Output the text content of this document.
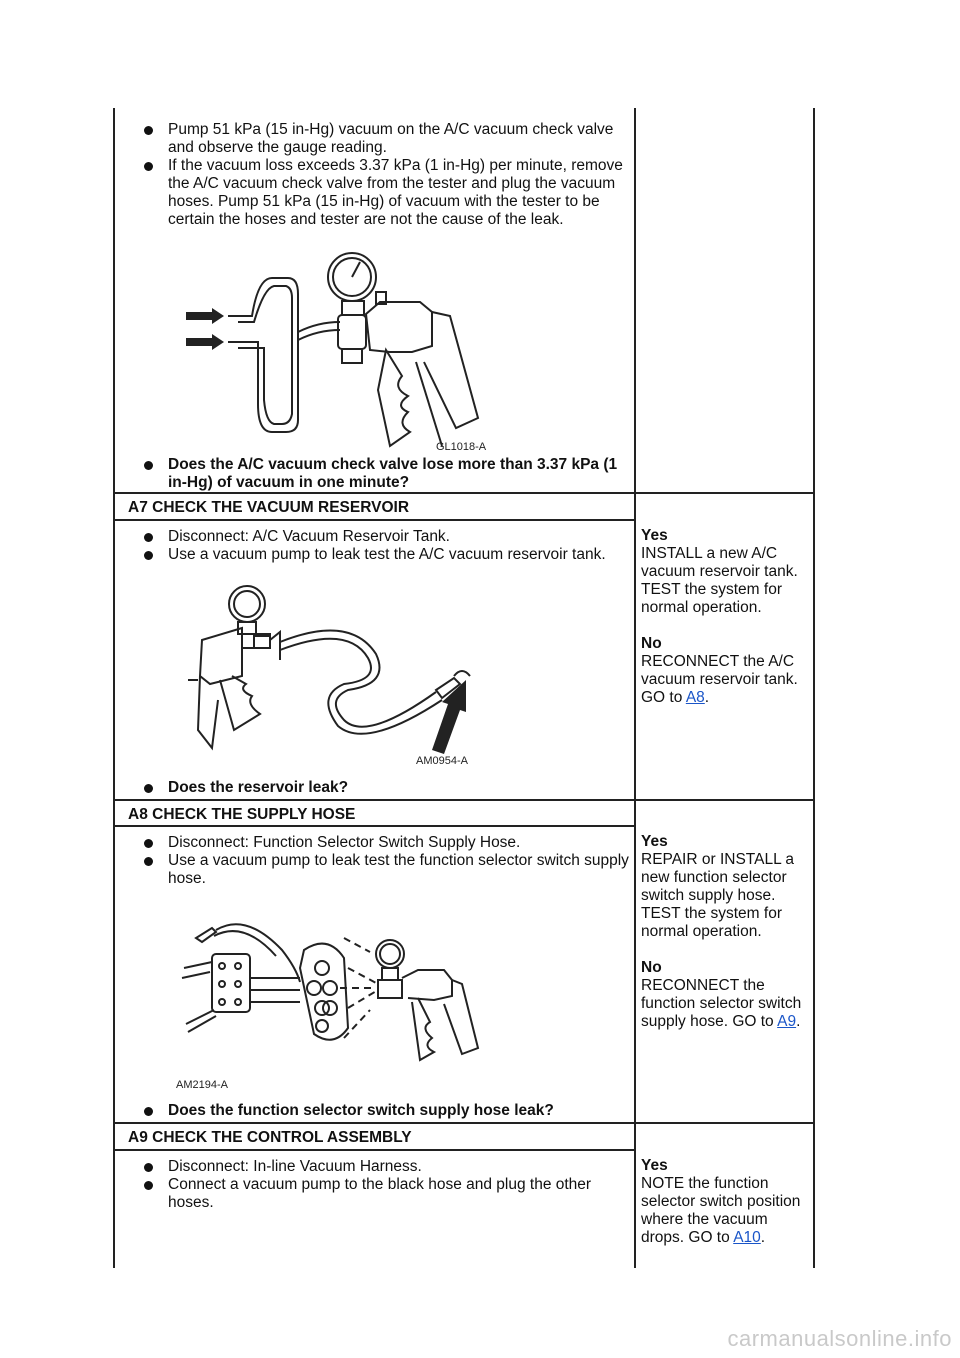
Pump 51 kPa (15 in-Hg) vacuum on the A/C vacuum check valve and observe the gauge reading.
If the vacuum loss exceeds 3.37 kPa (1 in-Hg) per minute, remove the A/C vacuum check valve from the tester and plug the vacuum hoses. Pump 51 kPa (15 in-Hg) of vacuum with the tester to be certain the hoses and tester are not the cause of the leak.
GL1018-A
Does the A/C vacuum check valve lose more than 3.37 kPa (1 in-Hg) of vacuum in one minute?
A7 CHECK THE VACUUM RESERVOIR
Disconnect: A/C Vacuum Reservoir Tank.
Use a vacuum pump to leak test the A/C vacuum reservoir tank.
AM0954-A
Does the reservoir leak?
Yes
INSTALL a new A/C vacuum reservoir tank. TEST the system for normal operation.
No
RECONNECT the A/C vacuum reservoir tank. GO to A8.
A8 CHECK THE SUPPLY HOSE
Disconnect: Function Selector Switch Supply Hose.
Use a vacuum pump to leak test the function selector switch supply hose.
AM2194-A
Does the function selector switch supply hose leak?
Yes
REPAIR or INSTALL a new function selector switch supply hose. TEST the system for normal operation.
No
RECONNECT the function selector switch supply hose. GO to A9.
A9 CHECK THE CONTROL ASSEMBLY
Disconnect: In-line Vacuum Harness.
Connect a vacuum pump to the black hose and plug the other hoses.
Yes
NOTE the function selector switch position where the vacuum drops. GO to A10.
carmanualsonline.info
